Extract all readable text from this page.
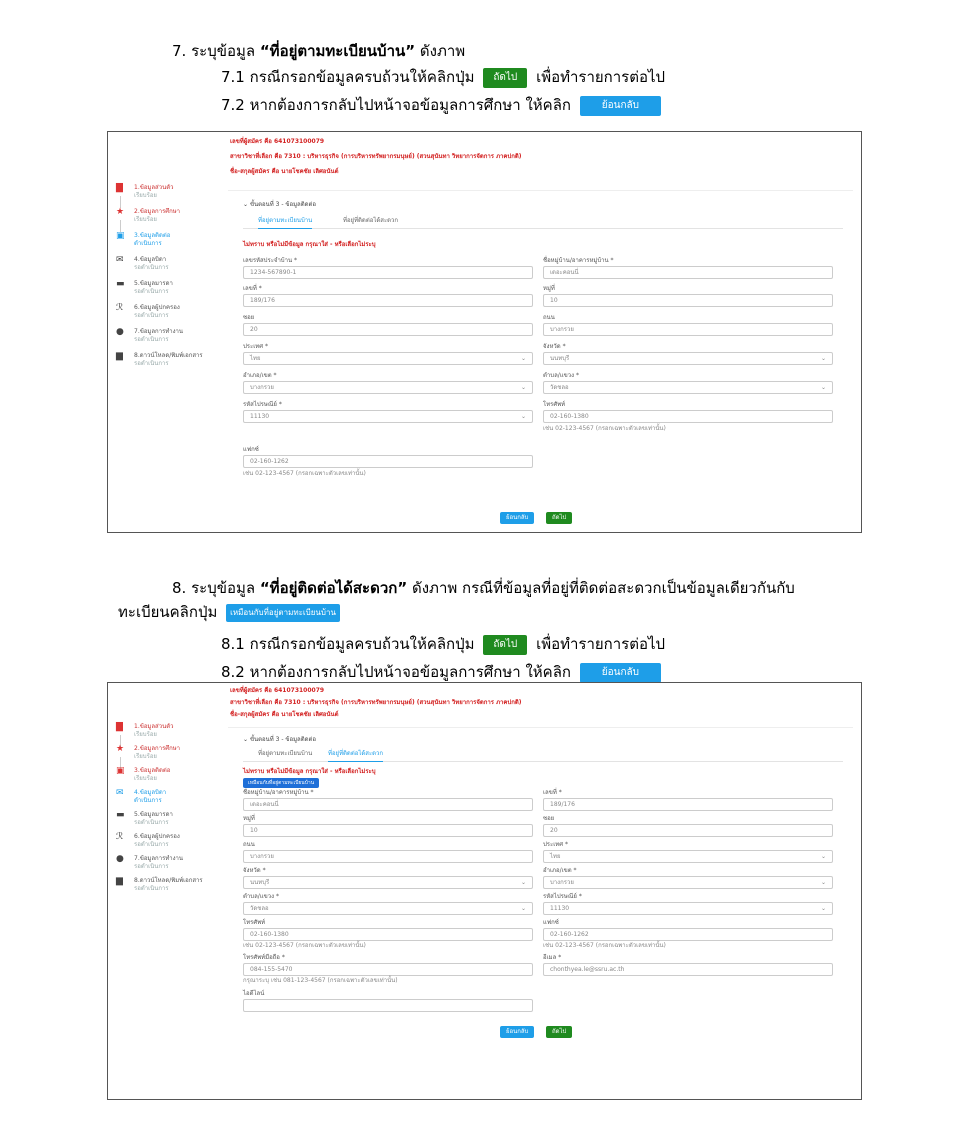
7. ระบุข้อมูล “ที่อยู่ตามทะเบียนบ้าน” ดังภาพ
7.1 กรณีกรอกข้อมูลครบถ้วนให้คลิกปุ่ม ถัดไป เพื่อทำรายการต่อไป
7.2 หากต้องการกลับไปหน้าจอข้อมูลการศึกษา ให้คลิก	ย้อนกลับ
เลขที่ผู้สมัคร คือ 641073100079
สาขาวิชาที่เลือก คือ 7310 : บริหารธุรกิจ (การบริหารทรัพยากรมนุษย์) (สวนสุนันทา วิทยาการจัดการ ภาคปกติ)
ชื่อ-สกุลผู้สมัคร คือ นายโชคชัย เลิศอนันต์
▇	1.ข้อมูลส่วนตัว
เรียบร้อย
★	2.ข้อมูลการศึกษา
เรียบร้อย
▣ 3.ข้อมูลติดต่อ
ดำเนินการ
✉	4.ข้อมูลบิดา
รอดำเนินการ
▬ 5.ข้อมูลมารดา
รอดำเนินการ
ℛ	6.ข้อมูลผู้ปกครอง
รอดำเนินการ
●	7.ข้อมูลการทำงาน
รอดำเนินการ
▆	8.ดาวน์โหลด/พิมพ์เอกสาร
รอดำเนินการ
⌄ ขั้นตอนที่ 3 - ข้อมูลติดต่อ
ที่อยู่ตามทะเบียนบ้าน	ที่อยู่ที่ติดต่อได้สะดวก
ไม่ทราบ หรือไม่มีข้อมูล กรุณาใส่ - หรือเลือกไม่ระบุ
เลขรหัสประจำบ้าน *
1234-567890-1
ชื่อหมู่บ้าน/อาคารหมู่บ้าน *
เดอะคอนนี่
เลขที่ *
189/176
หมู่ที่
10
ซอย
20
ถนน
บางกรวย
ประเทศ *
ไทย	⌄
จังหวัด *
นนทบุรี	⌄
อำเภอ/เขต *
บางกรวย	⌄
ตำบล/แขวง *
วัดชลอ	⌄
รหัสไปรษณีย์ *
11130	⌄
โทรศัพท์
02-160-1380
เช่น 02-123-4567 (กรอกเฉพาะตัวเลขเท่านั้น)
แฟกซ์
02-160-1262
เช่น 02-123-4567 (กรอกเฉพาะตัวเลขเท่านั้น)
ย้อนกลับ	ถัดไป
8. ระบุข้อมูล “ที่อยู่ติดต่อได้สะดวก” ดังภาพ กรณีที่ข้อมูลที่อยู่ที่ติดต่อสะดวกเป็นข้อมูลเดียวกันกับ
ทะเบียนคลิกปุ่ม เหมือนกับที่อยู่ตามทะเบียนบ้าน
8.1 กรณีกรอกข้อมูลครบถ้วนให้คลิกปุ่ม ถัดไป เพื่อทำรายการต่อไป
8.2 หากต้องการกลับไปหน้าจอข้อมูลการศึกษา ให้คลิก	ย้อนกลับ
เลขที่ผู้สมัคร คือ 641073100079
สาขาวิชาที่เลือก คือ 7310 : บริหารธุรกิจ (การบริหารทรัพยากรมนุษย์) (สวนสุนันทา วิทยาการจัดการ ภาคปกติ)
ชื่อ-สกุลผู้สมัคร คือ นายโชคชัย เลิศอนันต์
▇	1.ข้อมูลส่วนตัว
เรียบร้อย
★	2.ข้อมูลการศึกษา
เรียบร้อย
▣ 3.ข้อมูลติดต่อ
เรียบร้อย
✉	4.ข้อมูลบิดา
ดำเนินการ
▬ 5.ข้อมูลมารดา
รอดำเนินการ
ℛ	6.ข้อมูลผู้ปกครอง
รอดำเนินการ
●	7.ข้อมูลการทำงาน
รอดำเนินการ
▆	8.ดาวน์โหลด/พิมพ์เอกสาร
รอดำเนินการ
⌄ ขั้นตอนที่ 3 - ข้อมูลติดต่อ
ที่อยู่ตามทะเบียนบ้าน	ที่อยู่ที่ติดต่อได้สะดวก
ไม่ทราบ หรือไม่มีข้อมูล กรุณาใส่ - หรือเลือกไม่ระบุ
เหมือนกับที่อยู่ตามทะเบียนบ้าน
ชื่อหมู่บ้าน/อาคารหมู่บ้าน *
เดอะคอนนี่
เลขที่ *
189/176
หมู่ที่
10
ซอย
20
ถนน
บางกรวย
ประเทศ *
ไทย	⌄
จังหวัด *
นนทบุรี	⌄
อำเภอ/เขต *
บางกรวย	⌄
ตำบล/แขวง *
วัดชลอ	⌄
รหัสไปรษณีย์ *
11130	⌄
โทรศัพท์
02-160-1380
เช่น 02-123-4567 (กรอกเฉพาะตัวเลขเท่านั้น)
แฟกซ์
02-160-1262
เช่น 02-123-4567 (กรอกเฉพาะตัวเลขเท่านั้น)
โทรศัพท์มือถือ *
084-155-5470
กรุณาระบุ เช่น 081-123-4567 (กรอกเฉพาะตัวเลขเท่านั้น)
อีเมล *
chonthyea.le@ssru.ac.th
ไอดีไลน์
ย้อนกลับ	ถัดไป
